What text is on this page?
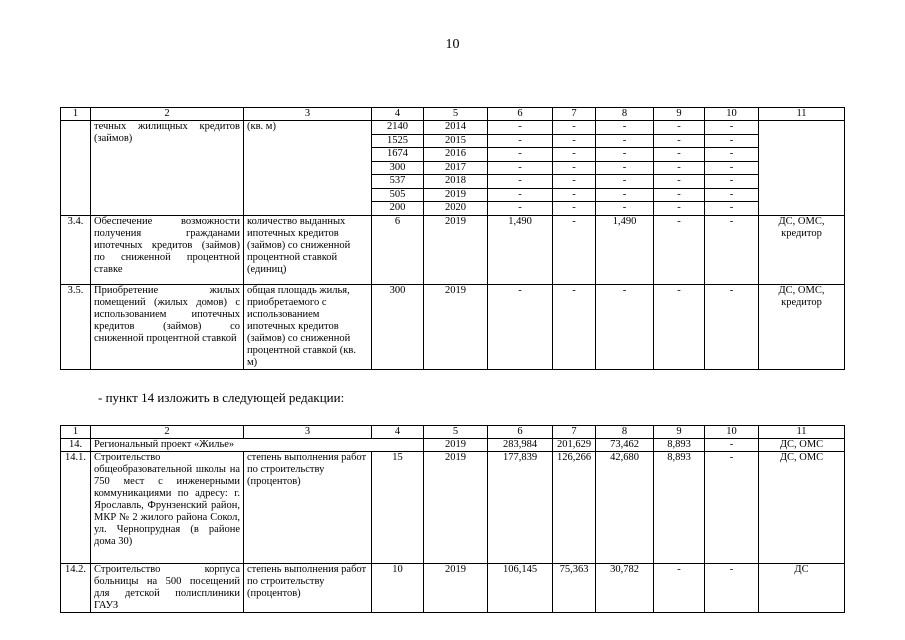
10
1	2	3	4	5	6	7	8	9	10	11
	течных жилищных кредитов (займов)	(кв. м)	2140	2014	-	-	-	-	-	
			1525	2015	-	-	-	-	-	
			1674	2016	-	-	-	-	-	
			300	2017	-	-	-	-	-	
			537	2018	-	-	-	-	-	
			505	2019	-	-	-	-	-	
			200	2020	-	-	-	-	-	
3.4.	Обеспечение возможности получения гражданами ипотечных кредитов (займов) по сниженной процентной ставке	количество выданных ипотечных кредитов (займов) со сниженной процентной ставкой (единиц)	6	2019	1,490	-	1,490	-	-	ДС, ОМС, кредитор
3.5.	Приобретение жилых помещений (жилых домов) с использованием ипотечных кредитов (займов) со сниженной процентной ставкой	общая площадь жилья, приобретаемого с использованием ипотечных кредитов (займов) со сниженной процентной ставкой (кв. м)	300	2019	-	-	-	-	-	ДС, ОМС, кредитор
- пункт 14 изложить в следующей редакции:
1	2	3	4	5	6	7	8	9	10	11
14.	Региональный проект «Жилье»			2019	283,984	201,629	73,462	8,893	-	ДС, ОМС
14.1.	Строительство общеобразовательной школы на 750 мест с инженерными коммуникациями по адресу: г. Ярославль, Фрунзенский район, МКР № 2 жилого района Сокол, ул. Чернопрудная (в районе дома 30)	степень выполнения работ по строительству (процентов)	15	2019	177,839	126,266	42,680	8,893	-	ДС, ОМС
14.2.	Строительство корпуса больницы на 500 посещений для детской полисплиники ГАУЗ	степень выполнения работ по строительству (процентов)	10	2019	106,145	75,363	30,782	-	-	ДС
